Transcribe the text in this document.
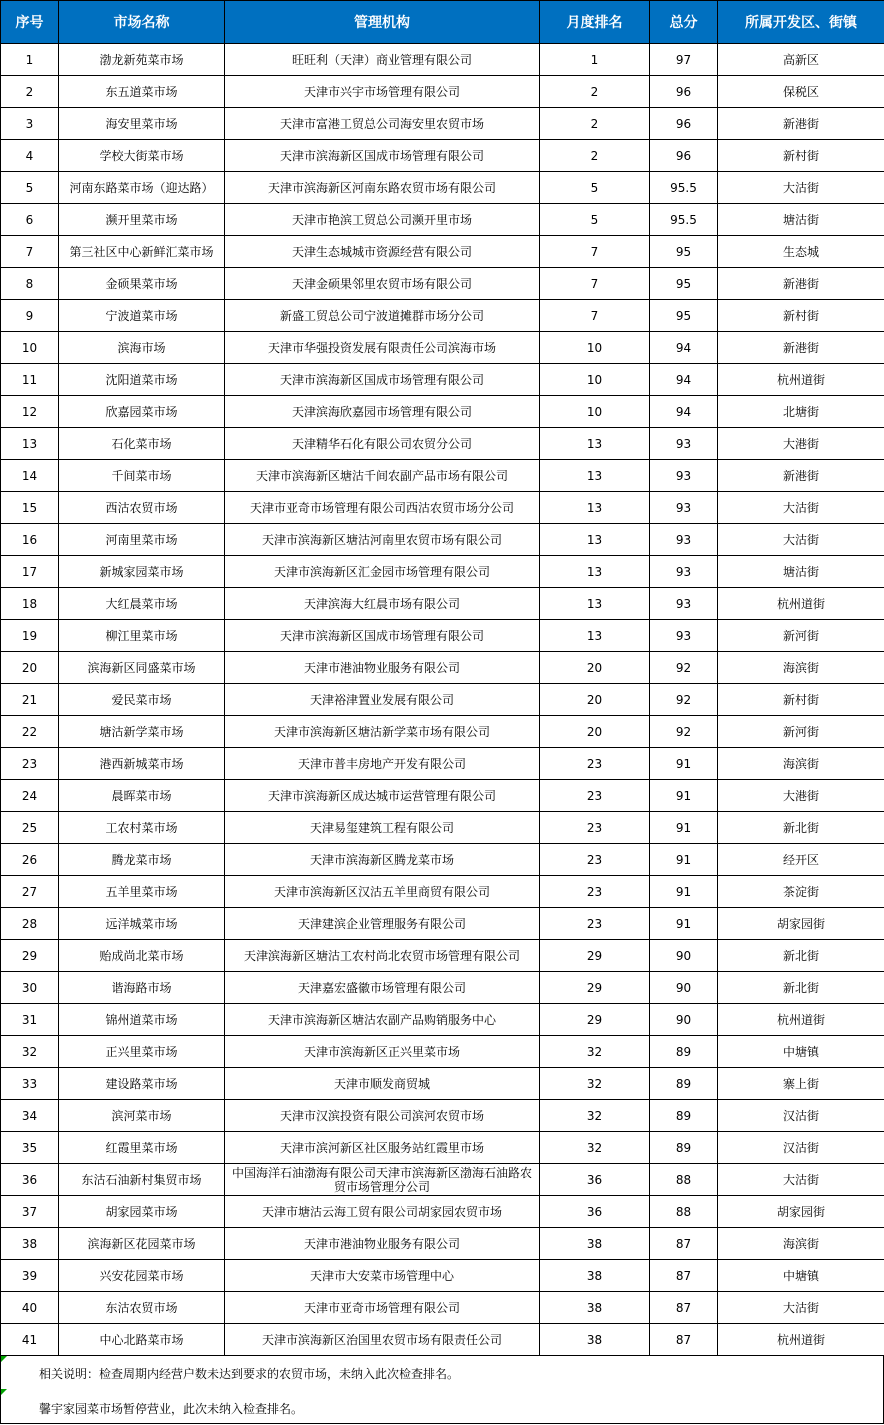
序号	市场名称	管理机构	月度排名	总分	所属开发区、街镇
1	渤龙新苑菜市场	旺旺利（天津）商业管理有限公司	1	97	高新区
2	东五道菜市场	天津市兴宇市场管理有限公司	2	96	保税区
3	海安里菜市场	天津市富港工贸总公司海安里农贸市场	2	96	新港街
4	学校大街菜市场	天津市滨海新区国成市场管理有限公司	2	96	新村街
5	河南东路菜市场（迎达路）	天津市滨海新区河南东路农贸市场有限公司	5	95.5	大沽街
6	濒开里菜市场	天津市艳滨工贸总公司濒开里市场	5	95.5	塘沽街
7	第三社区中心新鲜汇菜市场	天津生态城城市资源经营有限公司	7	95	生态城
8	金硕果菜市场	天津金硕果邻里农贸市场有限公司	7	95	新港街
9	宁波道菜市场	新盛工贸总公司宁波道摊群市场分公司	7	95	新村街
10	滨海市场	天津市华强投资发展有限责任公司滨海市场	10	94	新港街
11	沈阳道菜市场	天津市滨海新区国成市场管理有限公司	10	94	杭州道街
12	欣嘉园菜市场	天津滨海欣嘉园市场管理有限公司	10	94	北塘街
13	石化菜市场	天津精华石化有限公司农贸分公司	13	93	大港街
14	千间菜市场	天津市滨海新区塘沽千间农副产品市场有限公司	13	93	新港街
15	西沽农贸市场	天津市亚奇市场管理有限公司西沽农贸市场分公司	13	93	大沽街
16	河南里菜市场	天津市滨海新区塘沽河南里农贸市场有限公司	13	93	大沽街
17	新城家园菜市场	天津市滨海新区汇金园市场管理有限公司	13	93	塘沽街
18	大红晨菜市场	天津滨海大红晨市场有限公司	13	93	杭州道街
19	柳江里菜市场	天津市滨海新区国成市场管理有限公司	13	93	新河街
20	滨海新区同盛菜市场	天津市港油物业服务有限公司	20	92	海滨街
21	爱民菜市场	天津裕津置业发展有限公司	20	92	新村街
22	塘沽新学菜市场	天津市滨海新区塘沽新学菜市场有限公司	20	92	新河街
23	港西新城菜市场	天津市普丰房地产开发有限公司	23	91	海滨街
24	晨晖菜市场	天津市滨海新区成达城市运营管理有限公司	23	91	大港街
25	工农村菜市场	天津易玺建筑工程有限公司	23	91	新北街
26	腾龙菜市场	天津市滨海新区腾龙菜市场	23	91	经开区
27	五羊里菜市场	天津市滨海新区汉沽五羊里商贸有限公司	23	91	茶淀街
28	远洋城菜市场	天津建滨企业管理服务有限公司	23	91	胡家园街
29	贻成尚北菜市场	天津滨海新区塘沽工农村尚北农贸市场管理有限公司	29	90	新北街
30	谐海路市场	天津嘉宏盛徽市场管理有限公司	29	90	新北街
31	锦州道菜市场	天津市滨海新区塘沽农副产品购销服务中心	29	90	杭州道街
32	正兴里菜市场	天津市滨海新区正兴里菜市场	32	89	中塘镇
33	建设路菜市场	天津市顺发商贸城	32	89	寨上街
34	滨河菜市场	天津市汉滨投资有限公司滨河农贸市场	32	89	汉沽街
35	红霞里菜市场	天津市滨河新区社区服务站红霞里市场	32	89	汉沽街
36	东沽石油新村集贸市场	中国海洋石油渤海有限公司天津市滨海新区渤海石油路农贸市场管理分公司	36	88	大沽街
37	胡家园菜市场	天津市塘沽云海工贸有限公司胡家园农贸市场	36	88	胡家园街
38	滨海新区花园菜市场	天津市港油物业服务有限公司	38	87	海滨街
39	兴安花园菜市场	天津市大安菜市场管理中心	38	87	中塘镇
40	东沽农贸市场	天津市亚奇市场管理有限公司	38	87	大沽街
41	中心北路菜市场	天津市滨海新区治国里农贸市场有限责任公司	38	87	杭州道街
相关说明：检查周期内经营户数未达到要求的农贸市场，未纳入此次检查排名。
馨宇家园菜市场暂停营业，此次未纳入检查排名。
